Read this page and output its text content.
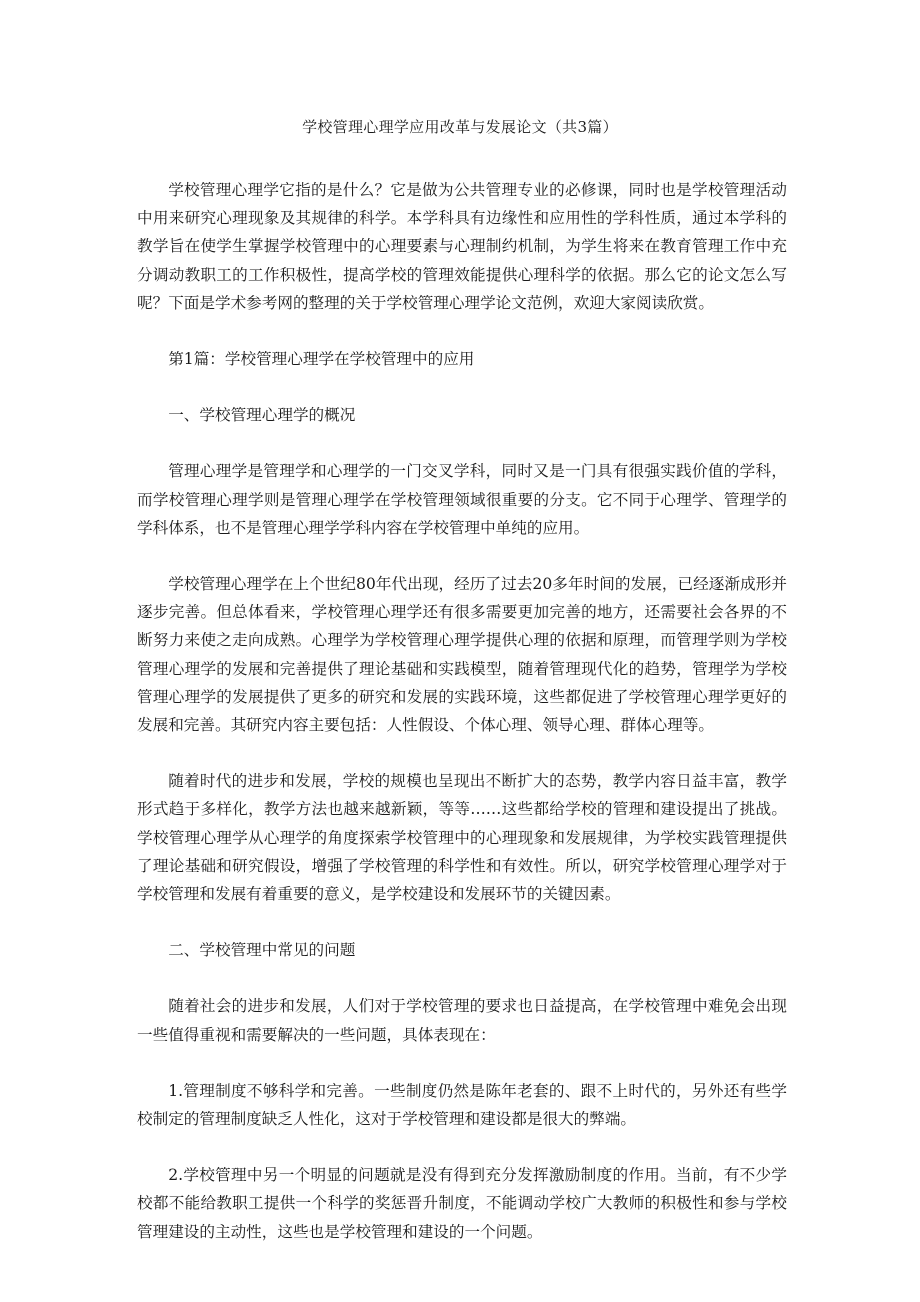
学校管理心理学应用改革与发展论文（共3篇）

学校管理心理学它指的是什么？它是做为公共管理专业的必修课，同时也是学校管理活动中用来研究心理现象及其规律的科学。本学科具有边缘性和应用性的学科性质，通过本学科的教学旨在使学生掌握学校管理中的心理要素与心理制约机制，为学生将来在教育管理工作中充分调动教职工的工作积极性，提高学校的管理效能提供心理科学的依据。那么它的论文怎么写呢？下面是学术参考网的整理的关于学校管理心理学论文范例，欢迎大家阅读欣赏。

第1篇：学校管理心理学在学校管理中的应用

一、学校管理心理学的概况

管理心理学是管理学和心理学的一门交叉学科，同时又是一门具有很强实践价值的学科，而学校管理心理学则是管理心理学在学校管理领域很重要的分支。它不同于心理学、管理学的学科体系，也不是管理心理学学科内容在学校管理中单纯的应用。

学校管理心理学在上个世纪80年代出现，经历了过去20多年时间的发展，已经逐渐成形并逐步完善。但总体看来，学校管理心理学还有很多需要更加完善的地方，还需要社会各界的不断努力来使之走向成熟。心理学为学校管理心理学提供心理的依据和原理，而管理学则为学校管理心理学的发展和完善提供了理论基础和实践模型，随着管理现代化的趋势，管理学为学校管理心理学的发展提供了更多的研究和发展的实践环境，这些都促进了学校管理心理学更好的发展和完善。其研究内容主要包括：人性假设、个体心理、领导心理、群体心理等。

随着时代的进步和发展，学校的规模也呈现出不断扩大的态势，教学内容日益丰富，教学形式趋于多样化，教学方法也越来越新颖，等等……这些都给学校的管理和建设提出了挑战。学校管理心理学从心理学的角度探索学校管理中的心理现象和发展规律，为学校实践管理提供了理论基础和研究假设，增强了学校管理的科学性和有效性。所以，研究学校管理心理学对于学校管理和发展有着重要的意义，是学校建设和发展环节的关键因素。

二、学校管理中常见的问题

随着社会的进步和发展，人们对于学校管理的要求也日益提高，在学校管理中难免会出现一些值得重视和需要解决的一些问题，具体表现在：

1.管理制度不够科学和完善。一些制度仍然是陈年老套的、跟不上时代的，另外还有些学校制定的管理制度缺乏人性化，这对于学校管理和建设都是很大的弊端。

2.学校管理中另一个明显的问题就是没有得到充分发挥激励制度的作用。当前，有不少学校都不能给教职工提供一个科学的奖惩晋升制度，不能调动学校广大教师的积极性和参与学校管理建设的主动性，这些也是学校管理和建设的一个问题。
